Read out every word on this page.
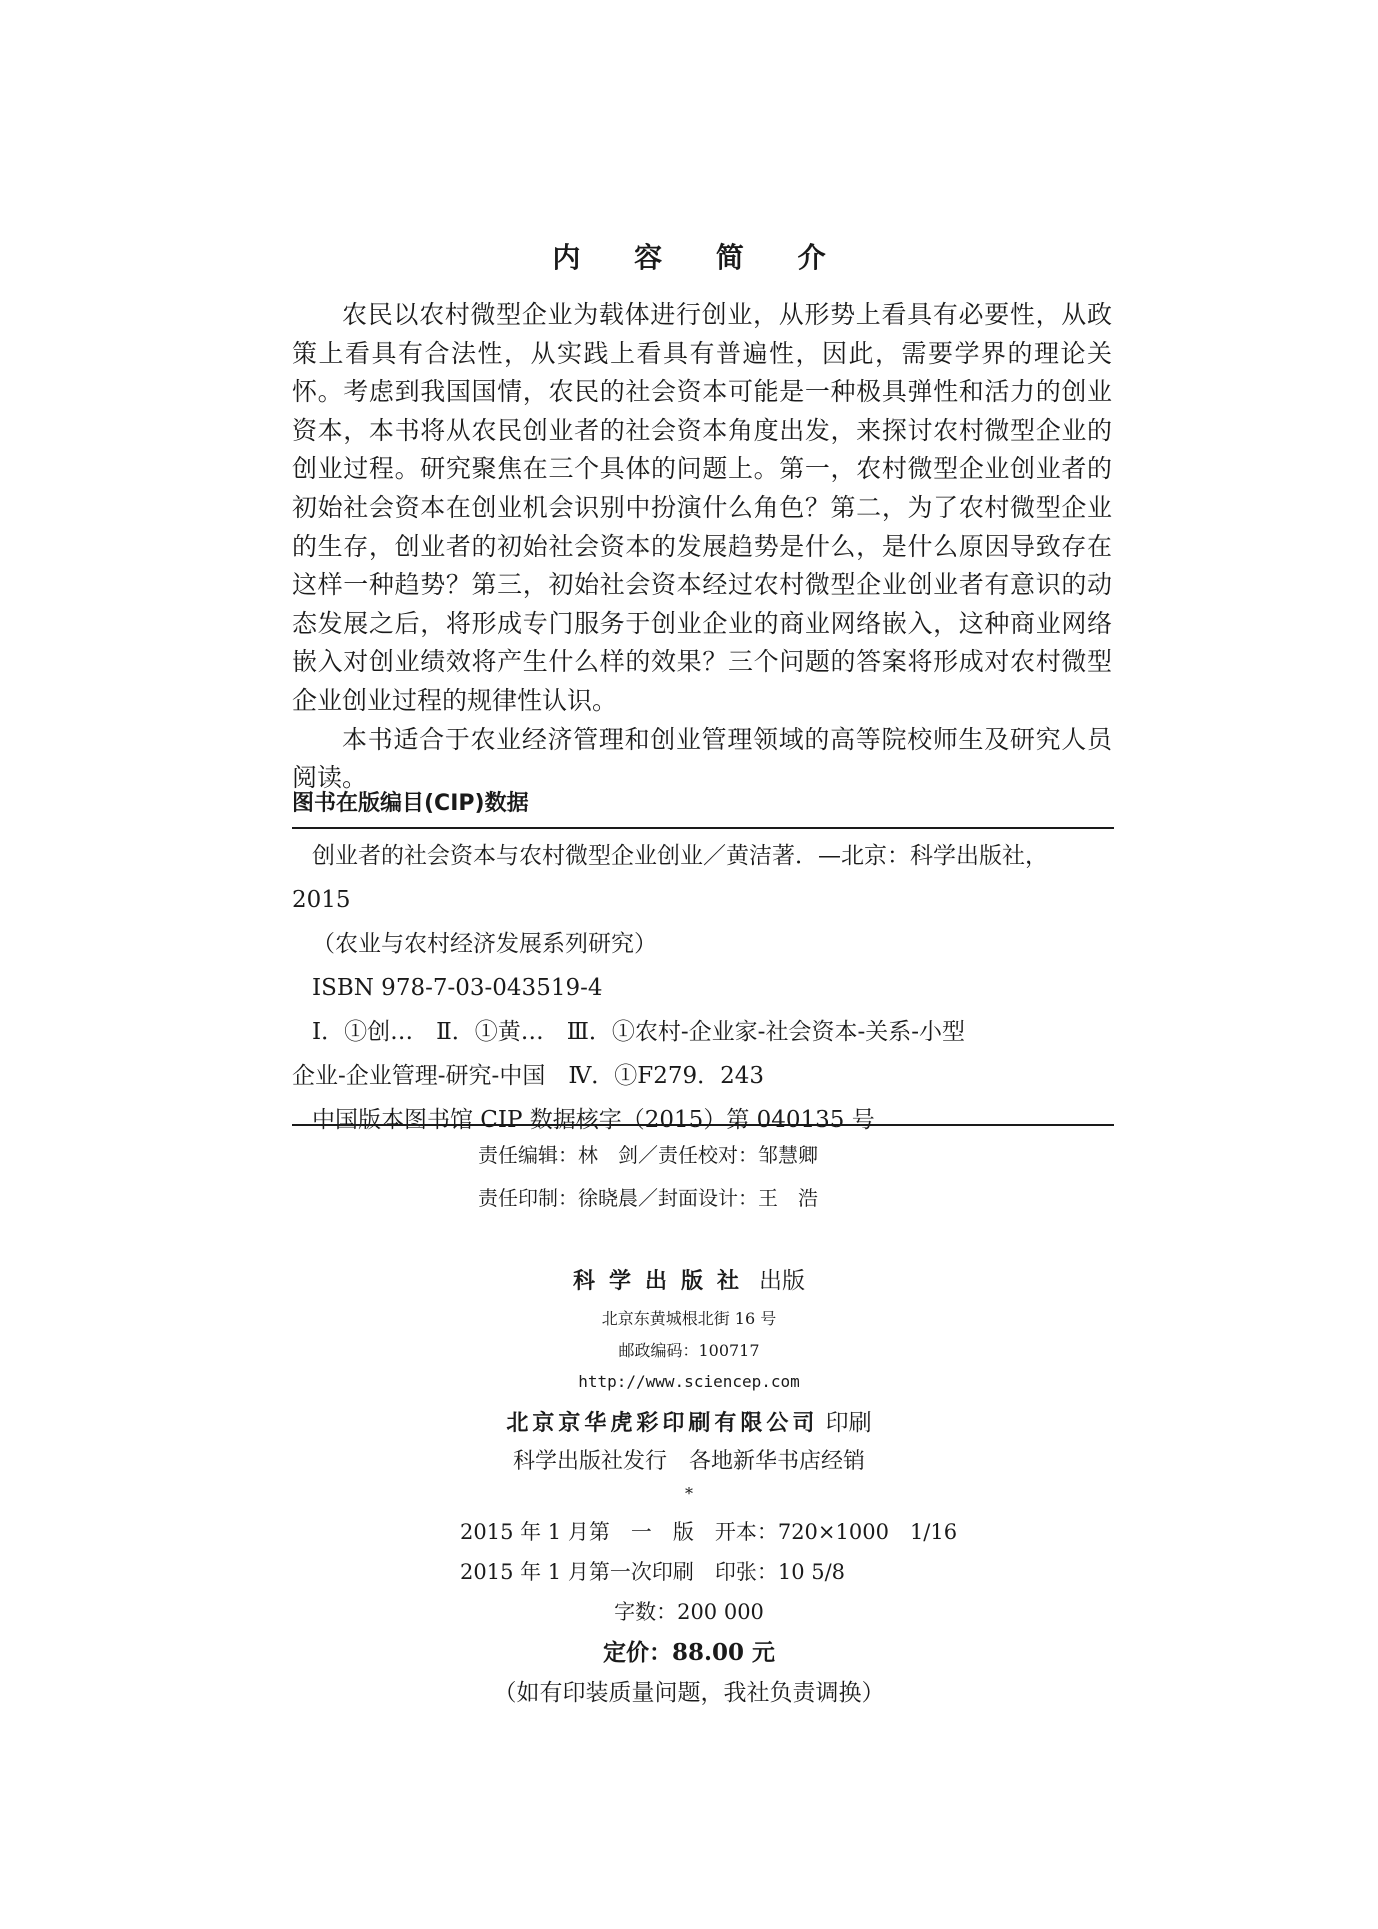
内 容 简 介

农民以农村微型企业为载体进行创业，从形势上看具有必要性，从政策上看具有合法性，从实践上看具有普遍性，因此，需要学界的理论关怀。考虑到我国国情，农民的社会资本可能是一种极具弹性和活力的创业资本，本书将从农民创业者的社会资本角度出发，来探讨农村微型企业的创业过程。研究聚焦在三个具体的问题上。第一，农村微型企业创业者的初始社会资本在创业机会识别中扮演什么角色？第二，为了农村微型企业的生存，创业者的初始社会资本的发展趋势是什么，是什么原因导致存在这样一种趋势？第三，初始社会资本经过农村微型企业创业者有意识的动态发展之后，将形成专门服务于创业企业的商业网络嵌入，这种商业网络嵌入对创业绩效将产生什么样的效果？三个问题的答案将形成对农村微型企业创业过程的规律性认识。

本书适合于农业经济管理和创业管理领域的高等院校师生及研究人员阅读。

图书在版编目(CIP)数据
创业者的社会资本与农村微型企业创业／黄洁著．—北京：科学出版社，
2015
（农业与农村经济发展系列研究）
ISBN 978-7-03-043519-4
Ⅰ．①创…　Ⅱ．①黄…　Ⅲ．①农村-企业家-社会资本-关系-小型
企业-企业管理-研究-中国　Ⅳ．①F279．243
中国版本图书馆 CIP 数据核字（2015）第 040135 号
责任编辑：林　剑／责任校对：邹慧卿
责任印制：徐晓晨／封面设计：王　浩
科学出版社 出版
北京东黄城根北街 16 号
邮政编码：100717
http://www.sciencep.com
北京京华虎彩印刷有限公司 印刷
科学出版社发行　各地新华书店经销
*
2015 年 1 月第　一　版　开本：720×1000　1/16
2015 年 1 月第一次印刷　印张：10 5/8
字数：200 000
定价：88.00 元
（如有印装质量问题，我社负责调换）
